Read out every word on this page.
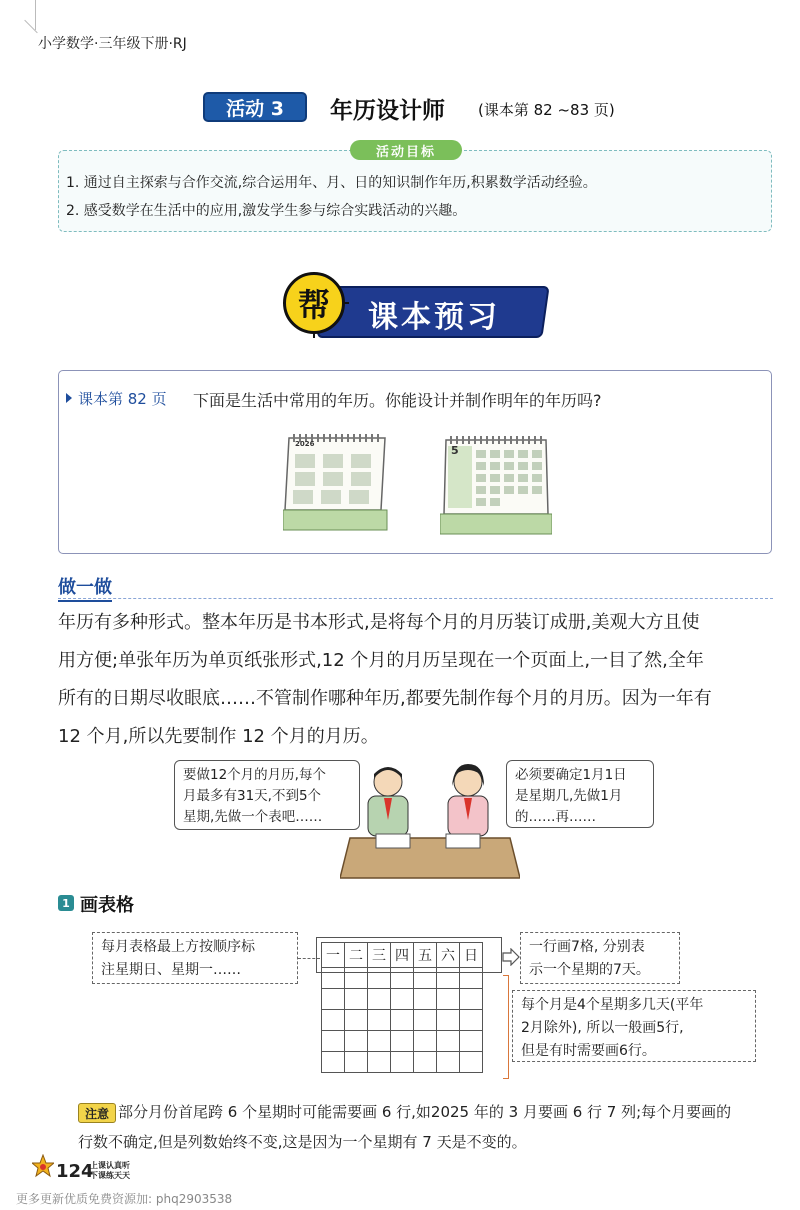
小学数学·三年级下册·RJ
活动 3	年历设计师 (课本第 82 ~83 页)
活动目标
1. 通过自主探索与合作交流,综合运用年、月、日的知识制作年历,积累数学活动经验。
2. 感受数学在生活中的应用,激发学生参与综合实践活动的兴趣。
课本预习
帮
课本第 82 页 下面是生活中常用的年历。你能设计并制作明年的年历吗?
2026	5
做一做
年历有多种形式。整本年历是书本形式,是将每个月的月历装订成册,美观大方且使
用方便;单张年历为单页纸张形式,12 个月的月历呈现在一个页面上,一目了然,全年
所有的日期尽收眼底……不管制作哪种年历,都要先制作每个月的月历。因为一年有
12 个月,所以先要制作 12 个月的月历。
要做12个月的月历,每个
月最多有31天,不到5个
星期,先做一个表吧……
必须要确定1月1日
是星期几,先做1月
的……再……
1 画表格
每月表格最上方按顺序标
注星期日、星期一……
一	二	三	四	五	六	日

一行画7格, 分别表
示一个星期的7天。
每个月是4个星期多几天(平年
2月除外), 所以一般画5行,
但是有时需要画6行。
注意 部分月份首尾跨 6 个星期时可能需要画 6 行,如2025 年的 3 月要画 6 行 7 列;每个月要画的
行数不确定,但是列数始终不变,这是因为一个星期有 7 天是不变的。
124
上课认真听
下课练天天
更多更新优质免费资源加: phq2903538
